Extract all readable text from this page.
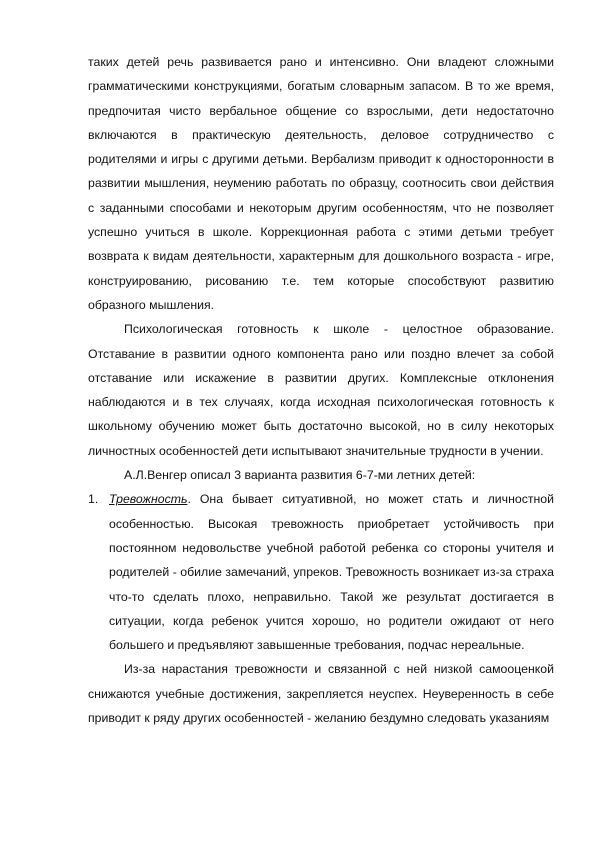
таких детей речь развивается рано и интенсивно. Они владеют сложными грамматическими конструкциями, богатым словарным запасом. В то же время, предпочитая чисто вербальное общение со взрослыми, дети недостаточно включаются в практическую деятельность, деловое сотрудничество с родителями и игры с другими детьми. Вербализм приводит к односторонности в развитии мышления, неумению работать по образцу, соотносить свои действия с заданными способами и некоторым другим особенностям, что не позволяет успешно учиться в школе. Коррекционная работа с этими детьми требует возврата к видам деятельности, характерным для дошкольного возраста - игре, конструированию, рисованию т.е. тем которые способствуют развитию образного мышления.

Психологическая готовность к школе - целостное образование. Отставание в развитии одного компонента рано или поздно влечет за собой отставание или искажение в развитии других. Комплексные отклонения наблюдаются и в тех случаях, когда исходная психологическая готовность к школьному обучению может быть достаточно высокой, но в силу некоторых личностных особенностей дети испытывают значительные трудности в учении.

А.Л.Венгер описал 3 варианта развития 6-7-ми летних детей:

1. Тревожность. Она бывает ситуативной, но может стать и личностной особенностью. Высокая тревожность приобретает устойчивость при постоянном недовольстве учебной работой ребенка со стороны учителя и родителей - обилие замечаний, упреков. Тревожность возникает из-за страха что-то сделать плохо, неправильно. Такой же результат достигается в ситуации, когда ребенок учится хорошо, но родители ожидают от него большего и предъявляют завышенные требования, подчас нереальные.

Из-за нарастания тревожности и связанной с ней низкой самооценкой снижаются учебные достижения, закрепляется неуспех. Неуверенность в себе приводит к ряду других особенностей - желанию бездумно следовать указаниям
